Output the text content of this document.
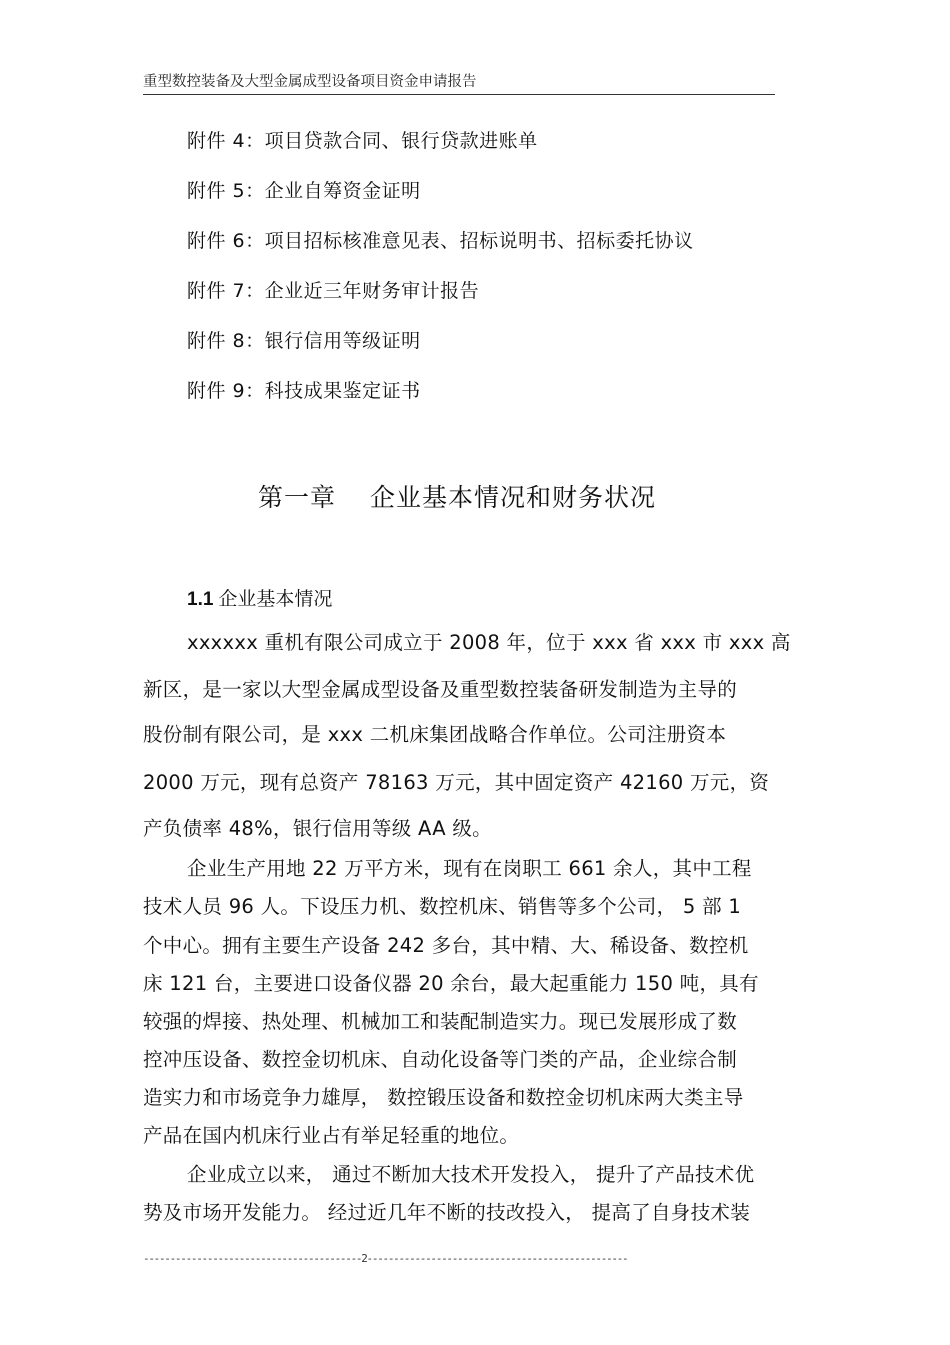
重型数控装备及大型金属成型设备项目资金申请报告
附件 4：项目贷款合同、银行贷款进账单
附件 5：企业自筹资金证明
附件 6：项目招标核准意见表、招标说明书、招标委托协议
附件 7：企业近三年财务审计报告
附件 8：银行信用等级证明
附件 9：科技成果鉴定证书
第一章 企业基本情况和财务状况
1.1 企业基本情况
xxxxxx 重机有限公司成立于 2008 年，位于 xxx 省 xxx 市 xxx 高
新区，是一家以大型金属成型设备及重型数控装备研发制造为主导的
股份制有限公司，是 xxx 二机床集团战略合作单位。公司注册资本
2000 万元，现有总资产 78163 万元，其中固定资产 42160 万元，资
产负债率 48%，银行信用等级 AA 级。
企业生产用地 22 万平方米，现有在岗职工 661 余人，其中工程
技术人员 96 人。下设压力机、数控机床、销售等多个公司， 5 部 1
个中心。拥有主要生产设备 242 多台，其中精、大、稀设备、数控机
床 121 台，主要进口设备仪器 20 余台，最大起重能力 150 吨，具有
较强的焊接、热处理、机械加工和装配制造实力。现已发展形成了数
控冲压设备、数控金切机床、自动化设备等门类的产品，企业综合制
造实力和市场竞争力雄厚， 数控锻压设备和数控金切机床两大类主导
产品在国内机床行业占有举足轻重的地位。
企业成立以来， 通过不断加大技术开发投入， 提升了产品技术优
势及市场开发能力。 经过近几年不断的技改投入， 提高了自身技术装
-----------------------------------------2-------------------------------------------------
